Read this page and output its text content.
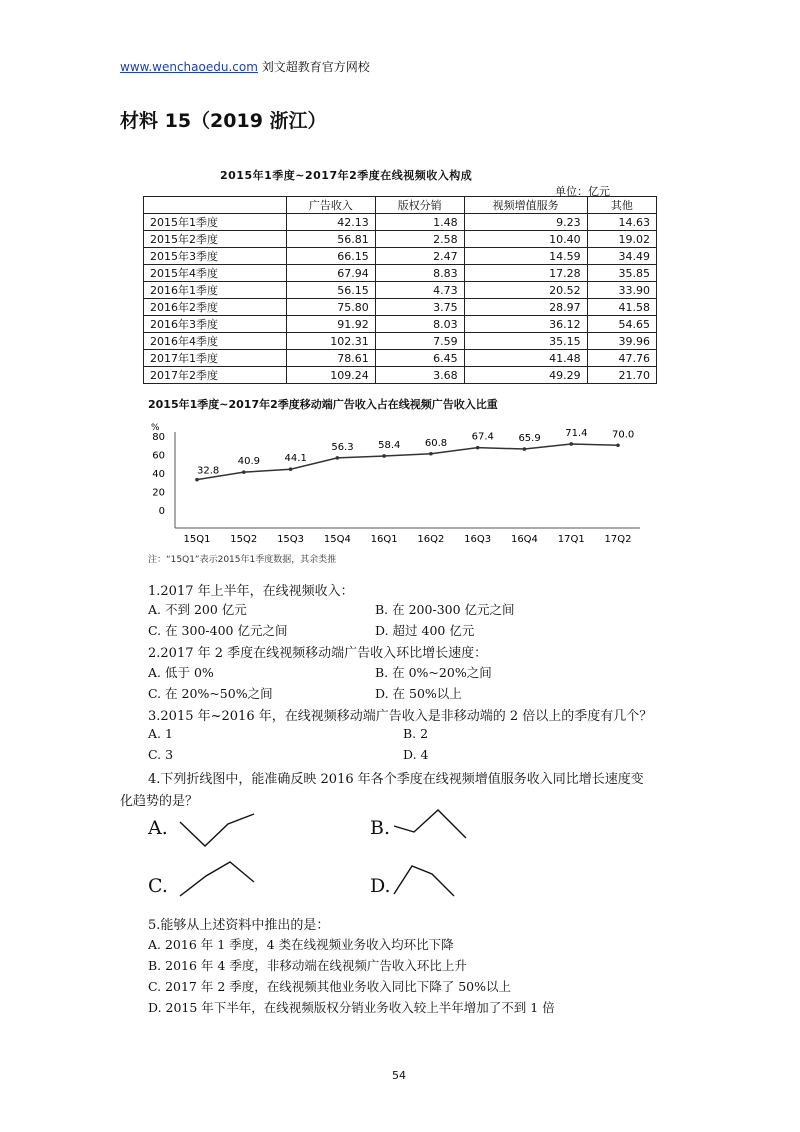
www.wenchaoedu.com 刘文超教育官方网校
材料 15（2019 浙江）
2015年1季度~2017年2季度在线视频收入构成
单位：亿元
	广告收入	版权分销	视频增值服务	其他
2015年1季度	42.13	1.48	9.23	14.63
2015年2季度	56.81	2.58	10.40	19.02
2015年3季度	66.15	2.47	14.59	34.49
2015年4季度	67.94	8.83	17.28	35.85
2016年1季度	56.15	4.73	20.52	33.90
2016年2季度	75.80	3.75	28.97	41.58
2016年3季度	91.92	8.03	36.12	54.65
2016年4季度	102.31	7.59	35.15	39.96
2017年1季度	78.61	6.45	41.48	47.76
2017年2季度	109.24	3.68	49.29	21.70
2015年1季度~2017年2季度移动端广告收入占在线视频广告收入比重
%
0
20
40
60
80
15Q1 15Q2 15Q3 15Q4 16Q1 16Q2 16Q3 16Q4 17Q1 17Q2
32.8
40.9 44.1
56.3 58.4 60.8
67.4 65.9 71.4 70.0
注：“15Q1”表示2015年1季度数据，其余类推
1.2017 年上半年，在线视频收入：
A. 不到 200 亿元	B. 在 200-300 亿元之间
C. 在 300-400 亿元之间	D. 超过 400 亿元
2.2017 年 2 季度在线视频移动端广告收入环比增长速度：
A. 低于 0%	B. 在 0%~20%之间
C. 在 20%~50%之间	D. 在 50%以上
3.2015 年~2016 年，在线视频移动端广告收入是非移动端的 2 倍以上的季度有几个？
A. 1	B. 2
C. 3	D. 4
4.下列折线图中，能准确反映 2016 年各个季度在线视频增值服务收入同比增长速度变
化趋势的是？
A.	B.
C.	D.
5.能够从上述资料中推出的是：
A. 2016 年 1 季度，4 类在线视频业务收入均环比下降
B. 2016 年 4 季度，非移动端在线视频广告收入环比上升
C. 2017 年 2 季度，在线视频其他业务收入同比下降了 50%以上
D. 2015 年下半年，在线视频版权分销业务收入较上半年增加了不到 1 倍
54
